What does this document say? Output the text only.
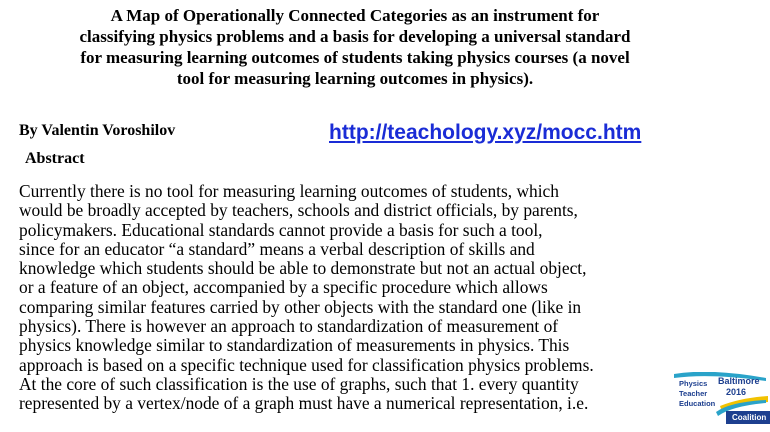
A Map of Operationally Connected Categories as an instrument for
classifying physics problems and a basis for developing a universal standard
for measuring learning outcomes of students taking physics courses (a novel
tool for measuring learning outcomes in physics).
By Valentin Voroshilov	http://teachology.xyz/mocc.htm
Abstract
Currently there is no tool for measuring learning outcomes of students, which
would be broadly accepted by teachers, schools and district officials, by parents,
policymakers. Educational standards cannot provide a basis for such a tool,
since for an educator “a standard” means a verbal description of skills and
knowledge which students should be able to demonstrate but not an actual object,
or a feature of an object, accompanied by a specific procedure which allows
comparing similar features carried by other objects with the standard one (like in
physics). There is however an approach to standardization of measurement of
physics knowledge similar to standardization of measurements in physics. This
approach is based on a specific technique used for classification physics problems.
At the core of such classification is the use of graphs, such that 1. every quantity
represented by a vertex/node of a graph must have a numerical representation, i.e.
Physics
Teacher
Education
Baltimore
2016
Coalition
